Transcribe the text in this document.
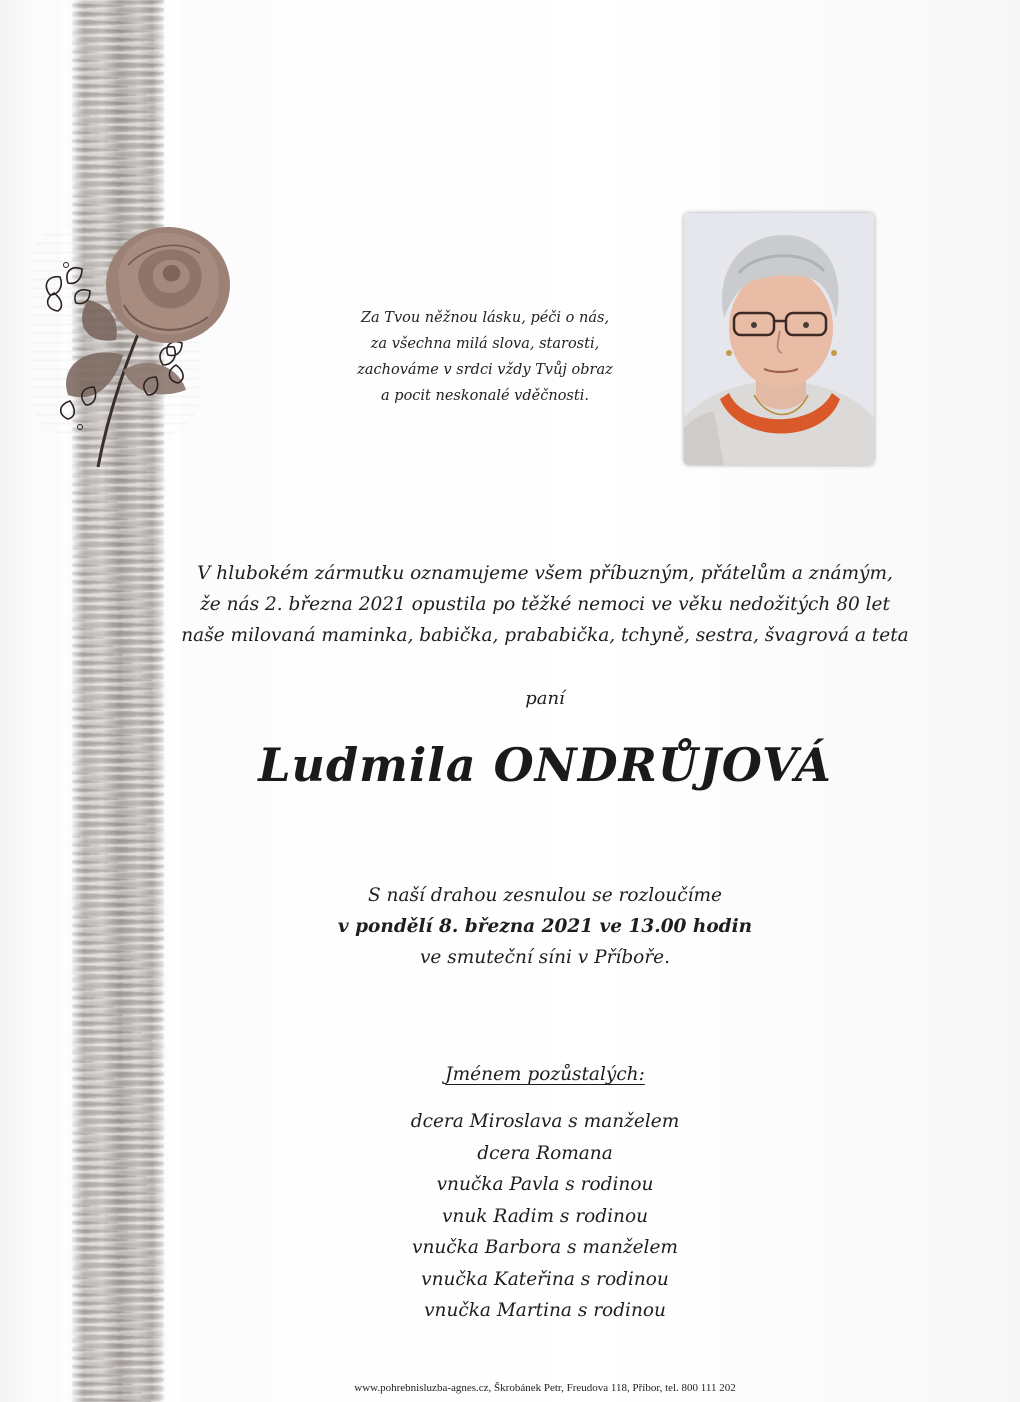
Za Tvou něžnou lásku, péči o nás,
za všechna milá slova, starosti,
zachováme v srdci vždy Tvůj obraz
a pocit neskonalé vděčnosti.
V hlubokém zármutku oznamujeme všem příbuzným, přátelům a známým,
že nás 2. března 2021 opustila po těžké nemoci ve věku nedožitých 80 let
naše milovaná maminka, babička, prababička, tchyně, sestra, švagrová a teta
paní
Ludmila ONDRŮJOVÁ
S naší drahou zesnulou se rozloučíme
v pondělí 8. března 2021 ve 13.00 hodin
ve smuteční síni v Příboře.
Jménem pozůstalých:
dcera Miroslava s manželem
dcera Romana
vnučka Pavla s rodinou
vnuk Radim s rodinou
vnučka Barbora s manželem
vnučka Kateřina s rodinou
vnučka Martina s rodinou
www.pohrebnisluzba-agnes.cz, Škrobánek Petr, Freudova 118, Příbor, tel. 800 111 202
